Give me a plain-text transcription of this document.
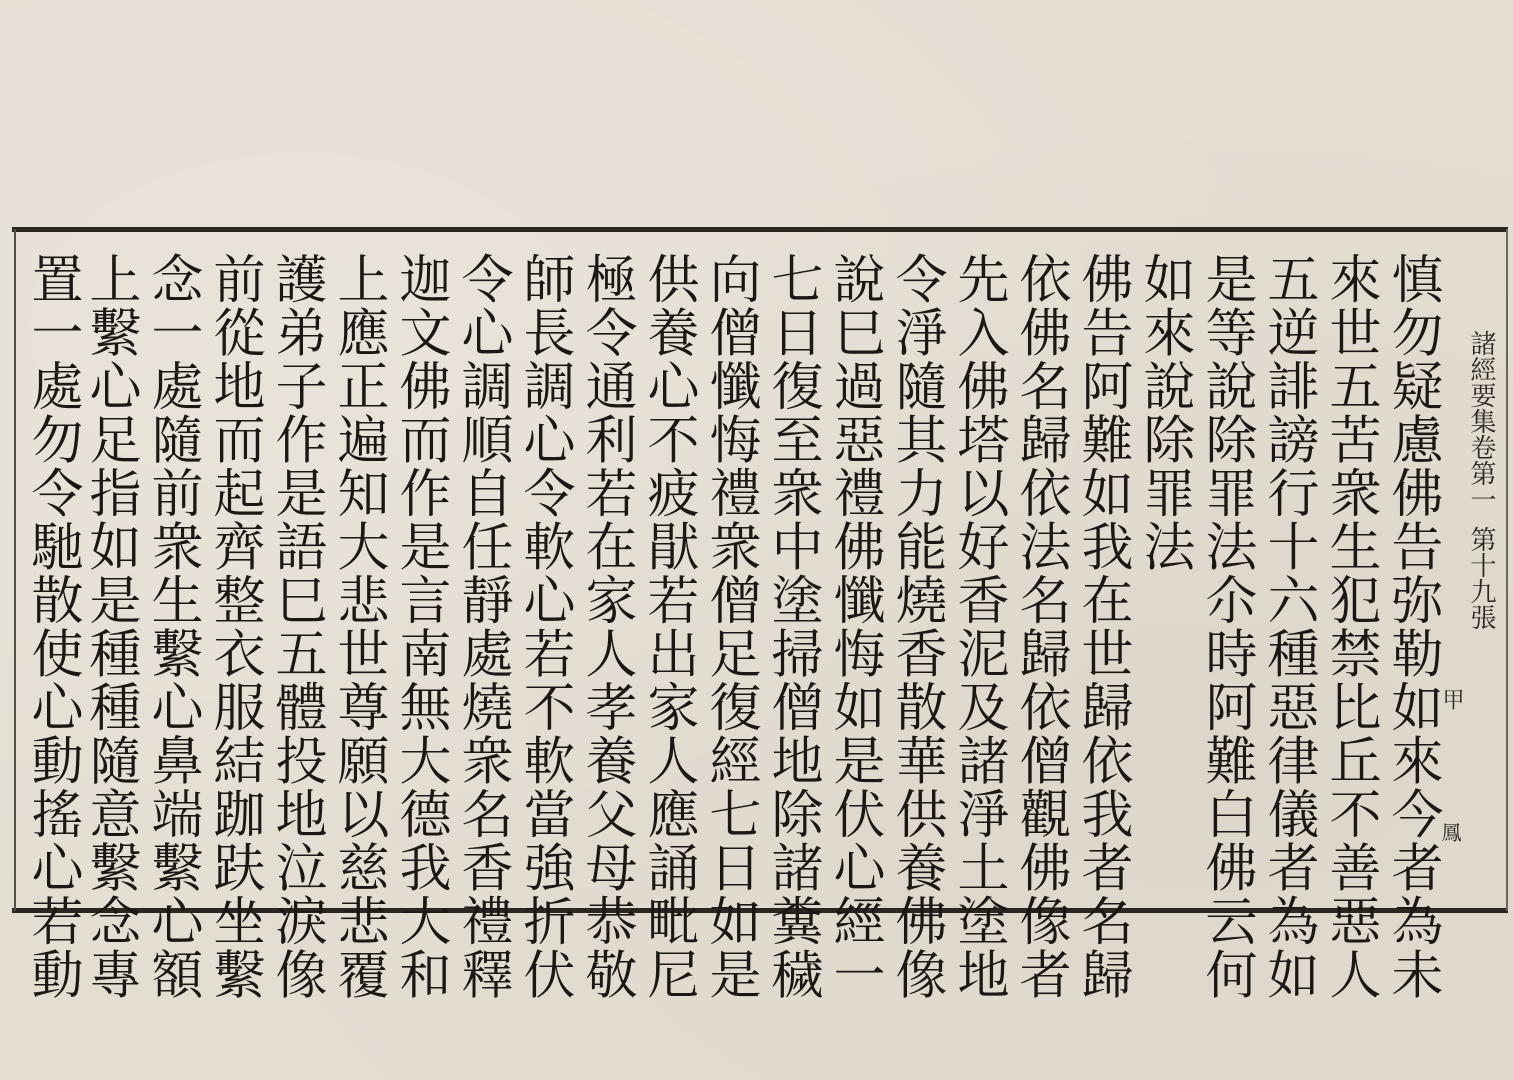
諸經要集卷第一第十九張
甲
鳳
慎勿疑慮佛告弥勒如來今者為未
來世五苦衆生犯禁比丘不善惡人
五逆誹謗行十六種惡律儀者為如
是等說除罪法尒時阿難白佛云何
如來說除罪法
佛告阿難如我在世歸依我者名歸
依佛名歸依法名歸依僧觀佛像者
先入佛塔以好香泥及諸淨土塗地
令淨隨其力能燒香散華供養佛像
說巳過惡禮佛懺悔如是伏心經一
七日復至衆中塗掃僧地除諸糞穢
向僧懺悔禮衆僧足復經七日如是
供養心不疲猒若出家人應誦毗尼
極令通利若在家人孝養父母恭敬
師長調心令軟心若不軟當強折伏
令心調順自任靜處燒衆名香禮釋
迦文佛而作是言南無大德我大和
上應正遍知大悲世尊願以慈悲覆
護弟子作是語巳五體投地泣淚像
前從地而起齊整衣服結跏趺坐繫
念一處隨前衆生繫心鼻端繫心額
上繫心足指如是種種隨意繫念專
置一處勿令馳散使心動搖心若動
